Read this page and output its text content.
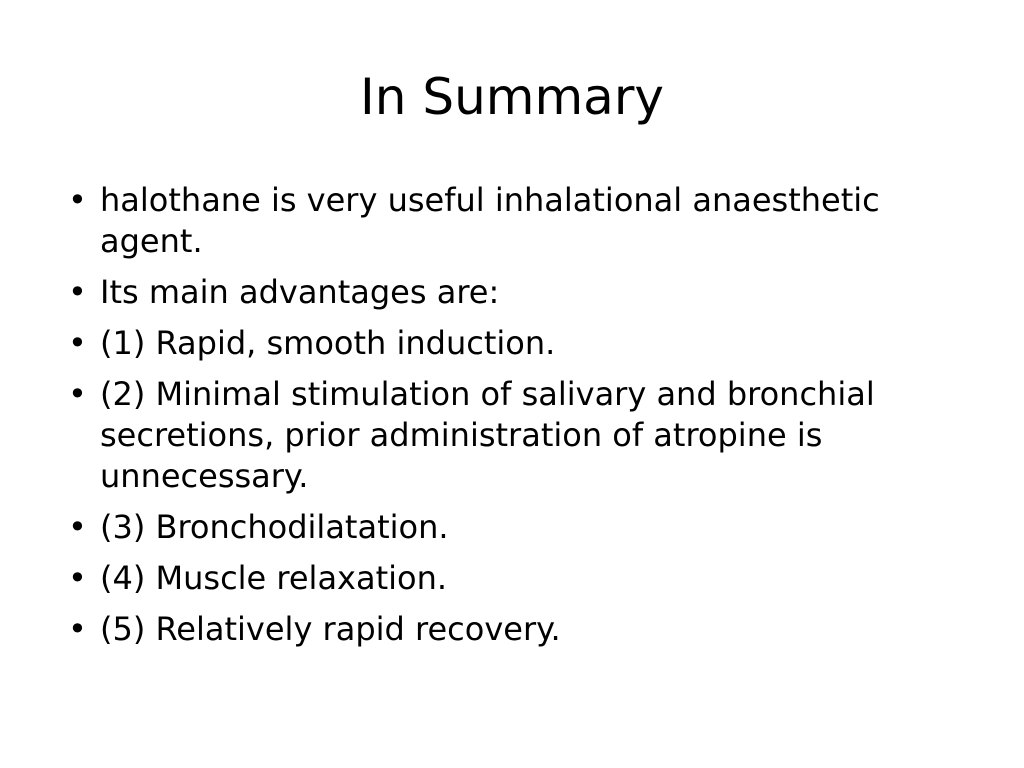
In Summary
• halothane is very useful inhalational anaesthetic agent.
• Its main advantages are:
• (1) Rapid, smooth induction.
• (2) Minimal stimulation of salivary and bronchial secretions, prior administration of atropine is unnecessary.
• (3) Bronchodilatation.
• (4) Muscle relaxation.
• (5) Relatively rapid recovery.
